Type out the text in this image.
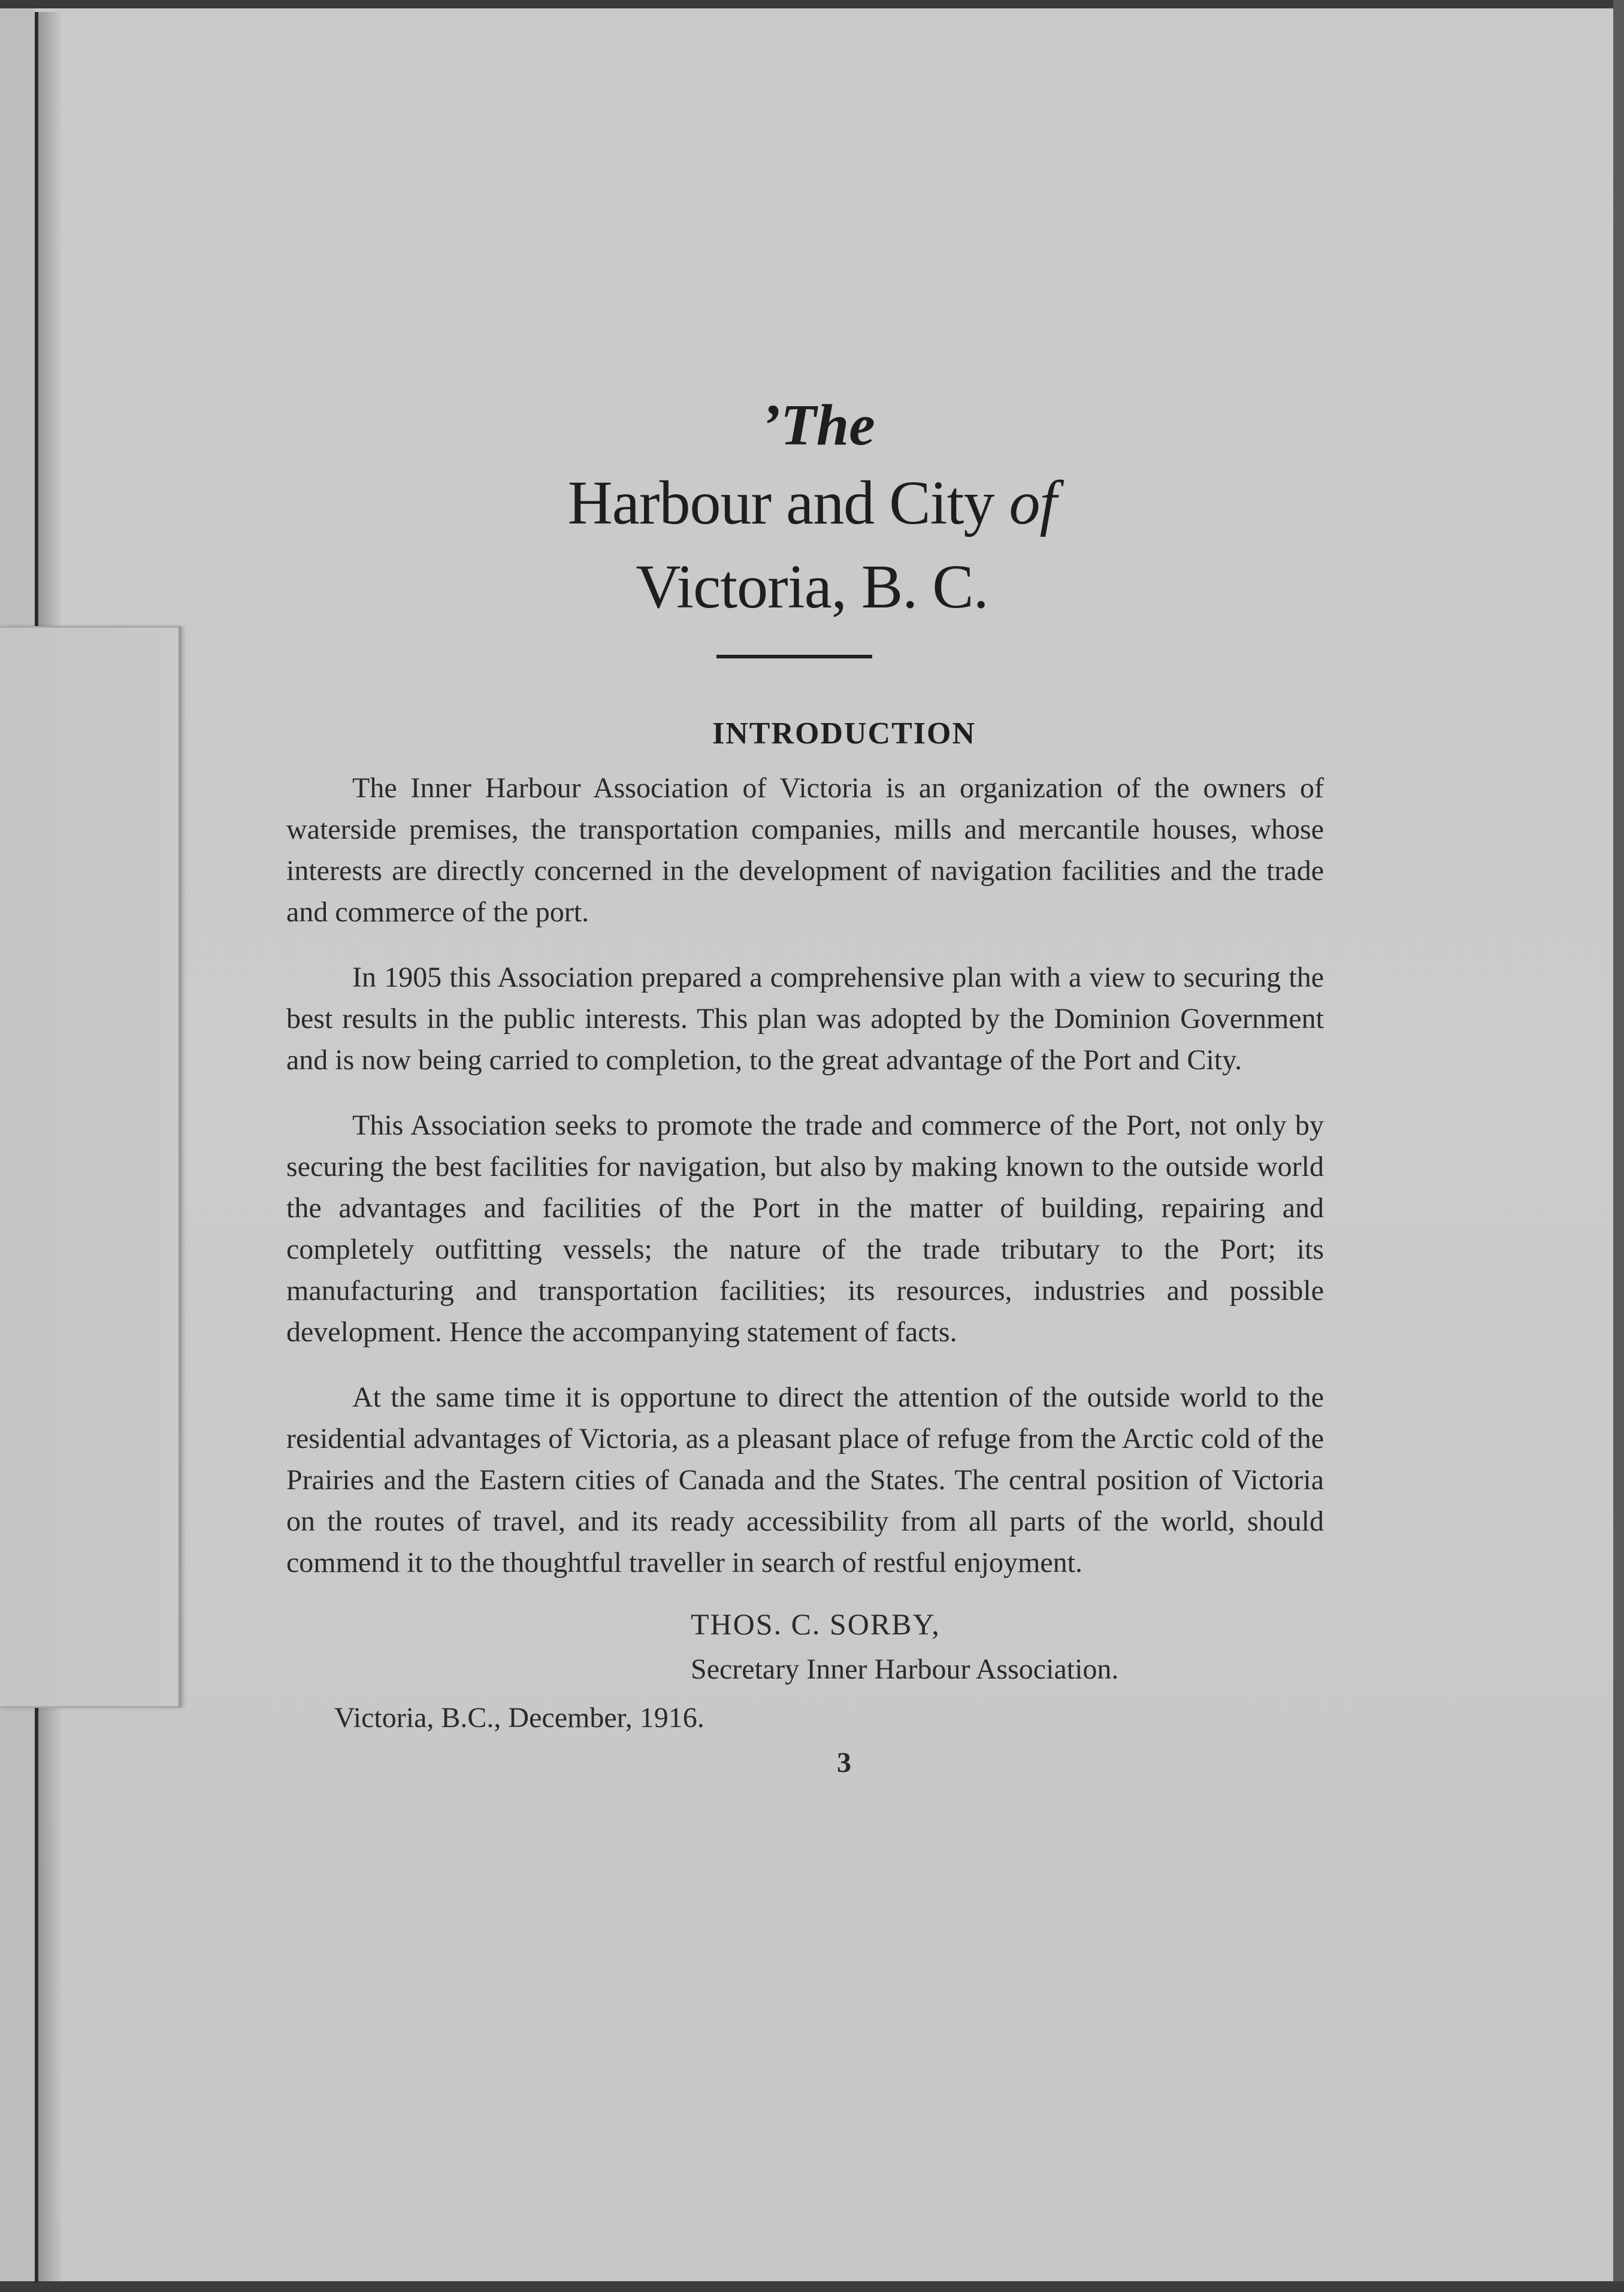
’The
Harbour and City of
Victoria, B. C.
INTRODUCTION

The Inner Harbour Association of Victoria is an organization of the owners of waterside premises, the transportation companies, mills and mercantile houses, whose interests are directly concerned in the development of navigation facilities and the trade and commerce of the port.

In 1905 this Association prepared a comprehensive plan with a view to securing the best results in the public interests. This plan was adopted by the Dominion Government and is now being carried to completion, to the great advantage of the Port and City.

This Association seeks to promote the trade and commerce of the Port, not only by securing the best facilities for navigation, but also by making known to the outside world the advantages and facilities of the Port in the matter of building, repairing and completely outfitting vessels; the nature of the trade tributary to the Port; its manufacturing and transportation facilities; its resources, industries and possible development. Hence the accompanying statement of facts.

At the same time it is opportune to direct the attention of the outside world to the residential advantages of Victoria, as a pleasant place of refuge from the Arctic cold of the Prairies and the Eastern cities of Canada and the States. The central position of Victoria on the routes of travel, and its ready accessibility from all parts of the world, should commend it to the thoughtful traveller in search of restful enjoyment.

THOS. C. SORBY,
Secretary Inner Harbour Association.
Victoria, B.C., December, 1916.
3
